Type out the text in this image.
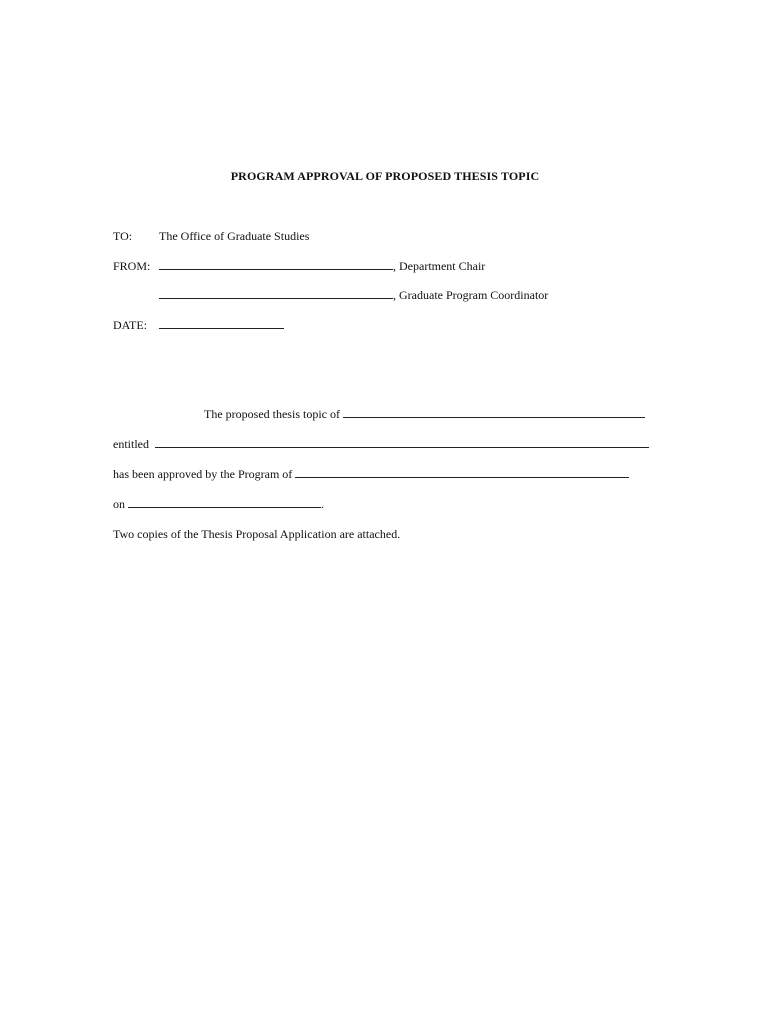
PROGRAM APPROVAL OF PROPOSED THESIS TOPIC
TO: The Office of Graduate Studies
FROM:	, Department Chair
, Graduate Program Coordinator
DATE:
The proposed thesis topic of
entitled
has been approved by the Program of
on	.
Two copies of the Thesis Proposal Application are attached.
